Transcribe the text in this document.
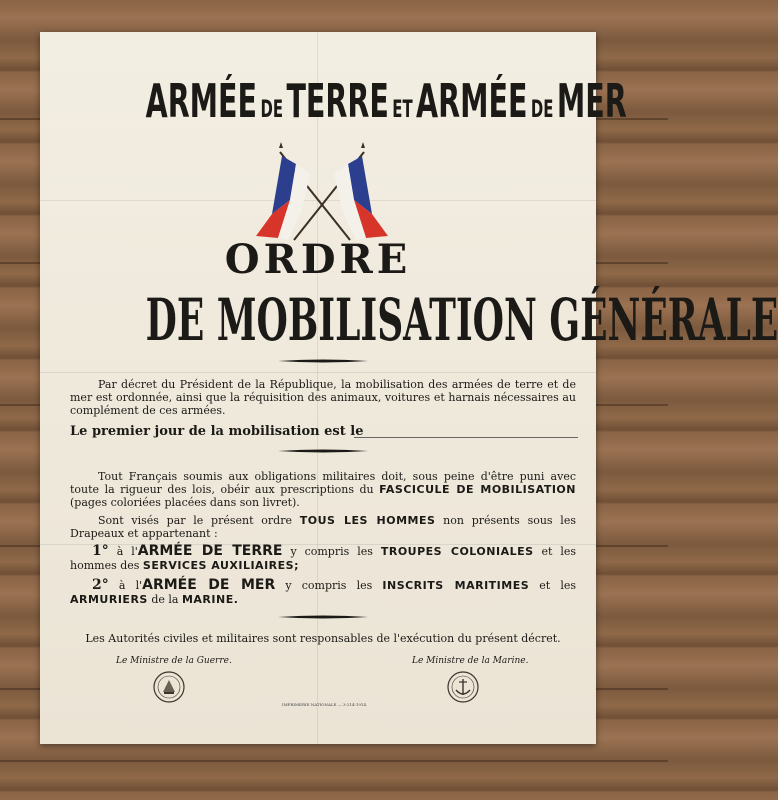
ARMÉE DE TERRE ET ARMÉE DE MER
ORDRE
DE MOBILISATION GÉNÉRALE
Par décret du Président de la République, la mobilisation des armées de terre et de mer est ordonnée, ainsi que la réquisition des animaux, voitures et harnais nécessaires au complément de ces armées.
Le premier jour de la mobilisation est le
Tout Français soumis aux obligations militaires doit, sous peine d'être puni avec toute la rigueur des lois, obéir aux prescriptions du FASCICULE DE MOBILISATION (pages coloriées placées dans son livret).
Sont visés par le présent ordre TOUS LES HOMMES non présents sous les Drapeaux et appartenant :
1° à l'ARMÉE DE TERRE y compris les TROUPES COLONIALES et les hommes des SERVICES AUXILIAIRES;
2° à l'ARMÉE DE MER y compris les INSCRITS MARITIMES et les ARMURIERS de la MARINE.
Les Autorités civiles et militaires sont responsables de l'exécution du présent décret.
Le Ministre de la Guerre.	Le Ministre de la Marine.
IMPRIMERIE NATIONALE — 3-214-1914.
